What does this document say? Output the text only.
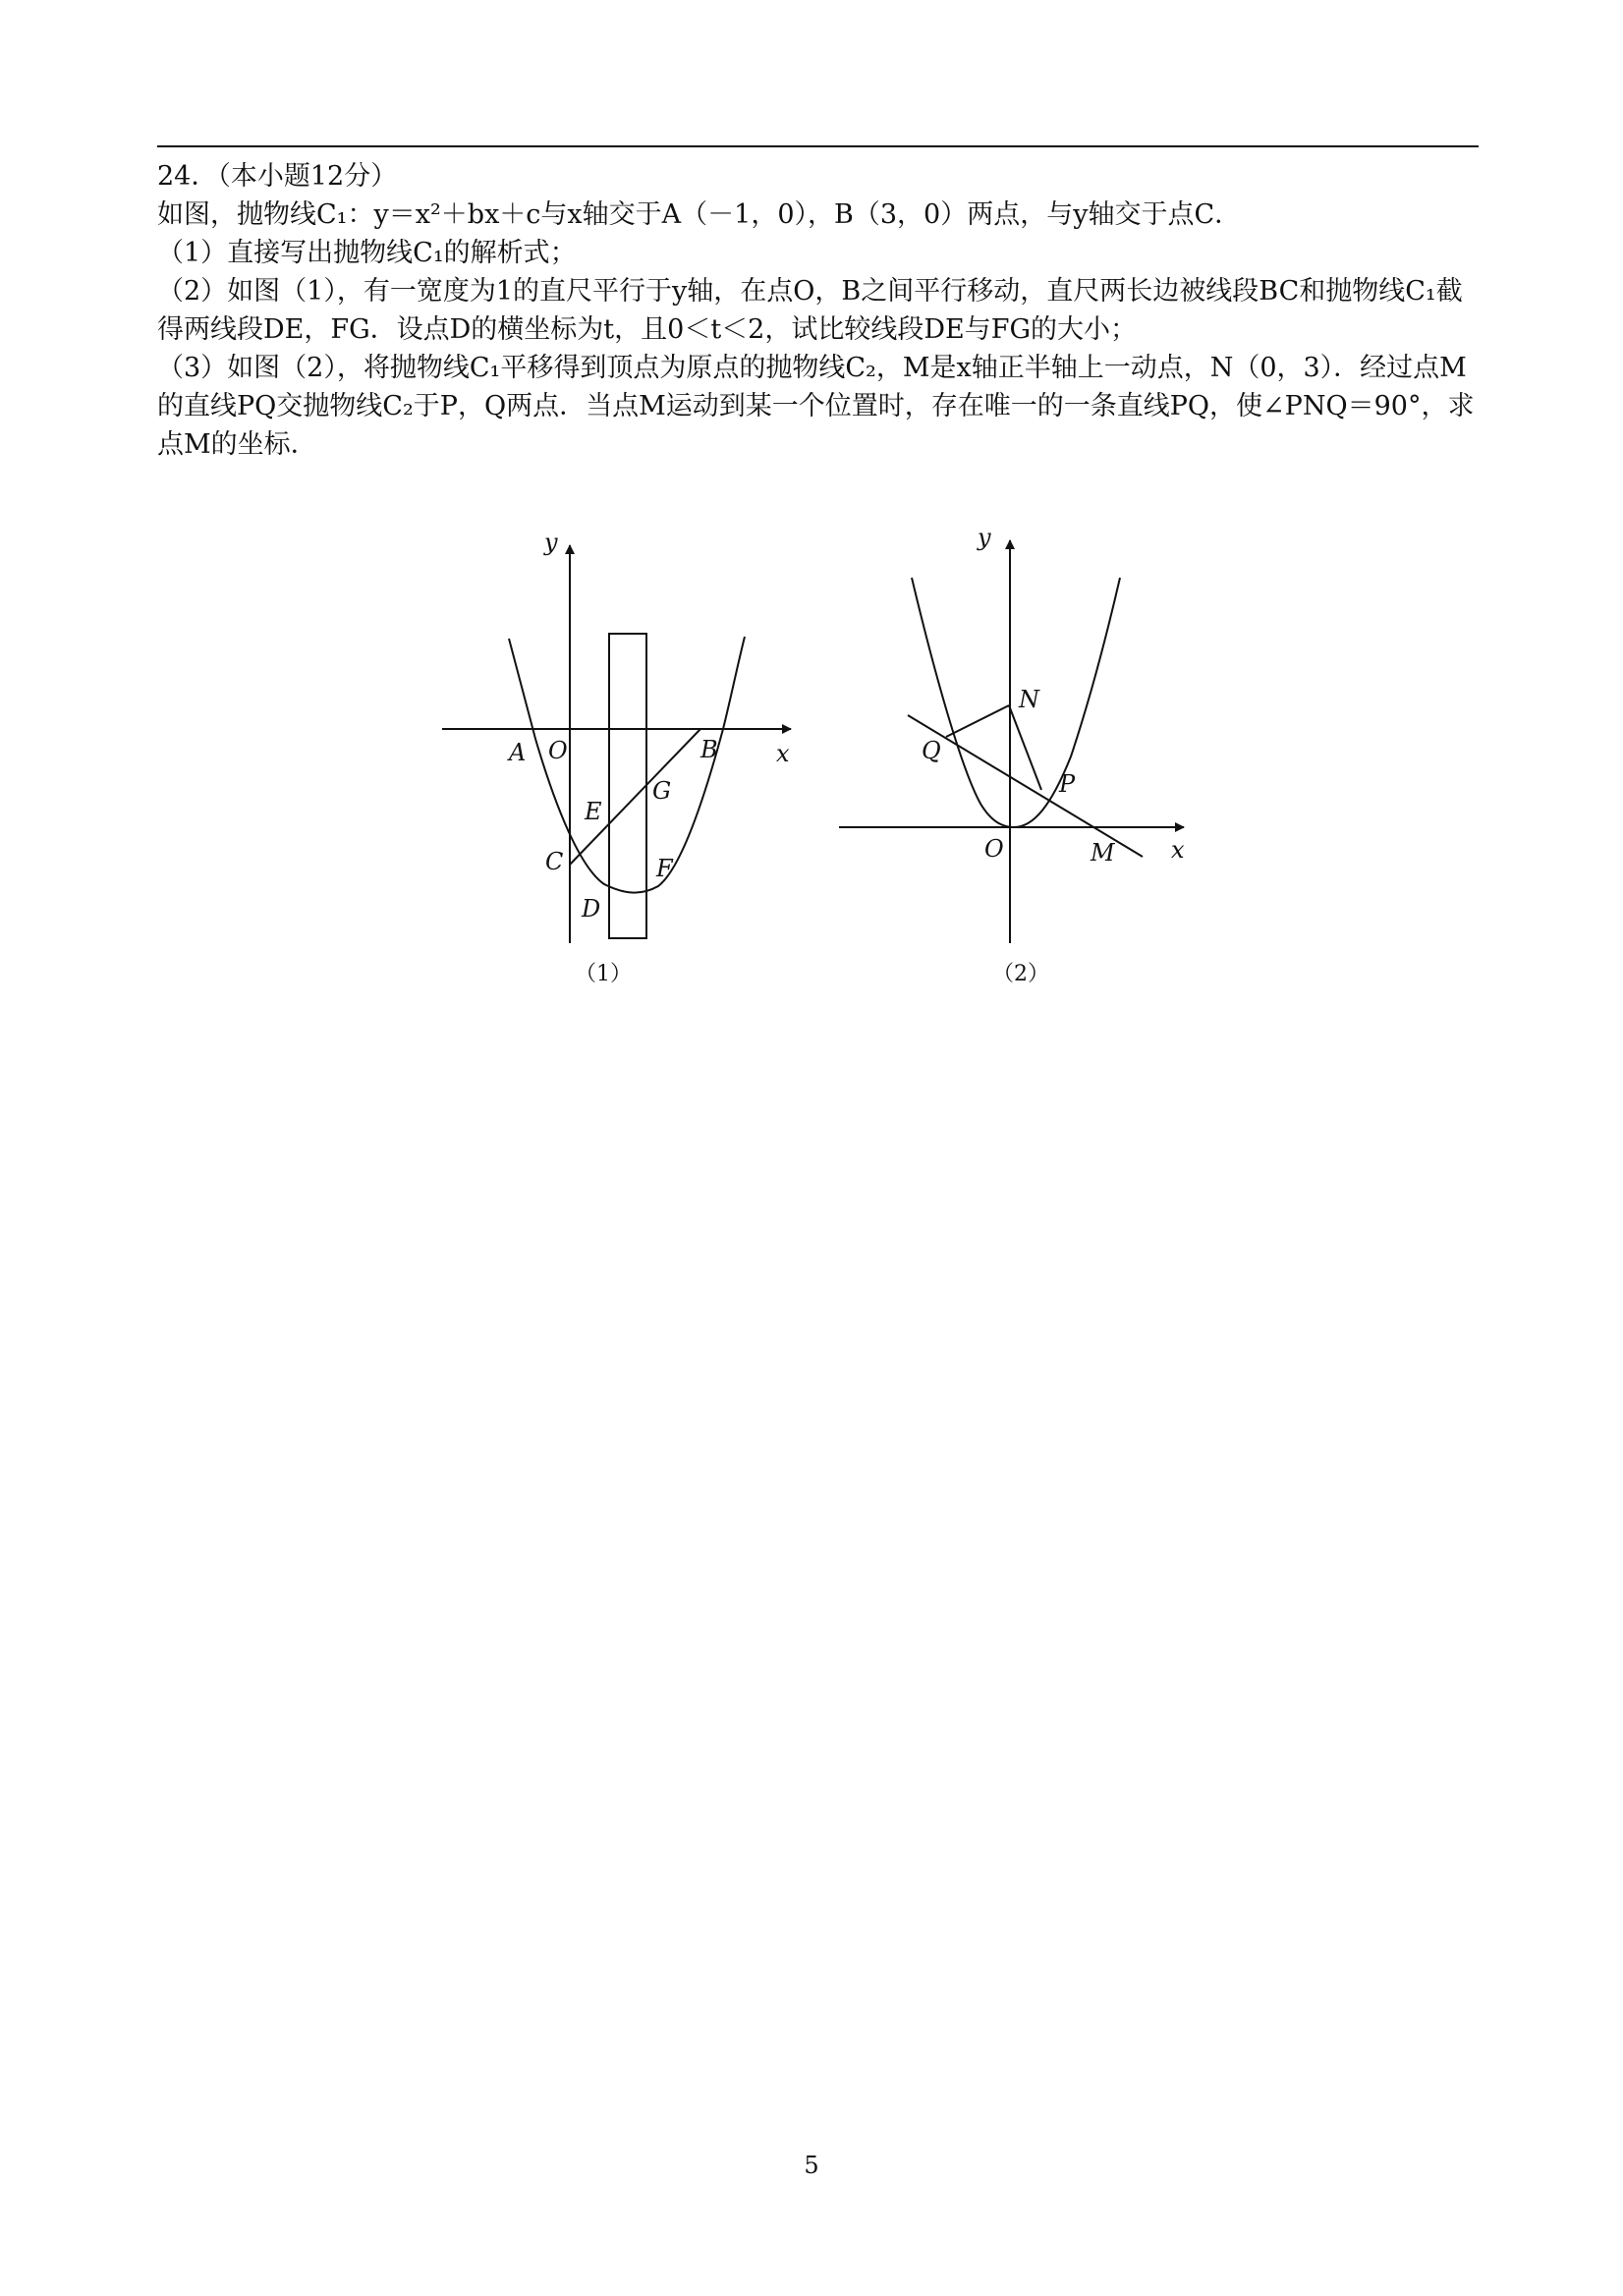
24．（本小题12分）

如图，抛物线C₁：y＝x²＋bx＋c与x轴交于A（－1，0），B（3，0）两点，与y轴交于点C．

（1）直接写出抛物线C₁的解析式；

（2）如图（1），有一宽度为1的直尺平行于y轴，在点O，B之间平行移动，直尺两长边被线段BC和抛物线C₁截得两线段DE，FG．设点D的横坐标为t，且0＜t＜2，试比较线段DE与FG的大小；

（3）如图（2），将抛物线C₁平移得到顶点为原点的抛物线C₂，M是x轴正半轴上一动点，N（0，3）．经过点M的直线PQ交抛物线C₂于P，Q两点．当点M运动到某一个位置时，存在唯一的一条直线PQ，使∠PNQ＝90°，求点M的坐标．

y
x
A O	B
E
G
C	F
D
（1）
y
x
N
Q
P
O	M
（2）
5
